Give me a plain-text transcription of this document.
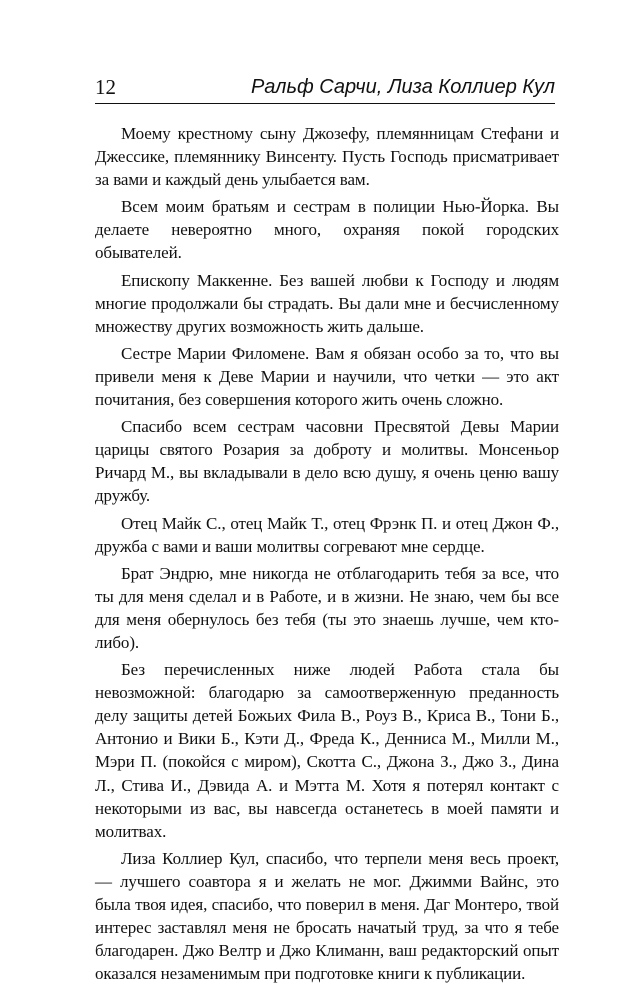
12	Ральф Сарчи, Лиза Коллиер Кул

Моему крестному сыну Джозефу, племянницам Стефани и Джессике, племяннику Винсенту. Пусть Господь присматривает за вами и каждый день улыбается вам.

Всем моим братьям и сестрам в полиции Нью-Йорка. Вы делаете невероятно много, охраняя покой городских обывателей.

Епископу Маккенне. Без вашей любви к Господу и людям многие продолжали бы страдать. Вы дали мне и бесчисленному множеству других возможность жить дальше.

Сестре Марии Филомене. Вам я обязан особо за то, что вы привели меня к Деве Марии и научили, что четки — это акт почитания, без совершения которого жить очень сложно.

Спасибо всем сестрам часовни Пресвятой Девы Марии царицы святого Розария за доброту и молитвы. Монсеньор Ричард М., вы вкладывали в дело всю душу, я очень ценю вашу дружбу.

Отец Майк С., отец Майк Т., отец Фрэнк П. и отец Джон Ф., дружба с вами и ваши молитвы согревают мне сердце.

Брат Эндрю, мне никогда не отблагодарить тебя за все, что ты для меня сделал и в Работе, и в жизни. Не знаю, чем бы все для меня обернулось без тебя (ты это знаешь лучше, чем кто-либо).

Без перечисленных ниже людей Работа стала бы невозможной: благодарю за самоотверженную преданность делу защиты детей Божьих Фила В., Роуз В., Криса В., Тони Б., Антонио и Вики Б., Кэти Д., Фреда К., Денниса М., Милли М., Мэри П. (покойся с миром), Скотта С., Джона З., Джо З., Дина Л., Стива И., Дэвида А. и Мэтта М. Хотя я потерял контакт с некоторыми из вас, вы навсегда останетесь в моей памяти и молитвах.

Лиза Коллиер Кул, спасибо, что терпели меня весь проект, — лучшего соавтора я и желать не мог. Джимми Вайнс, это была твоя идея, спасибо, что поверил в меня. Даг Монтеро, твой интерес заставлял меня не бросать начатый труд, за что я тебе благодарен. Джо Велтр и Джо Климанн, ваш редакторский опыт оказался незаменимым при подготовке книги к публикации.
